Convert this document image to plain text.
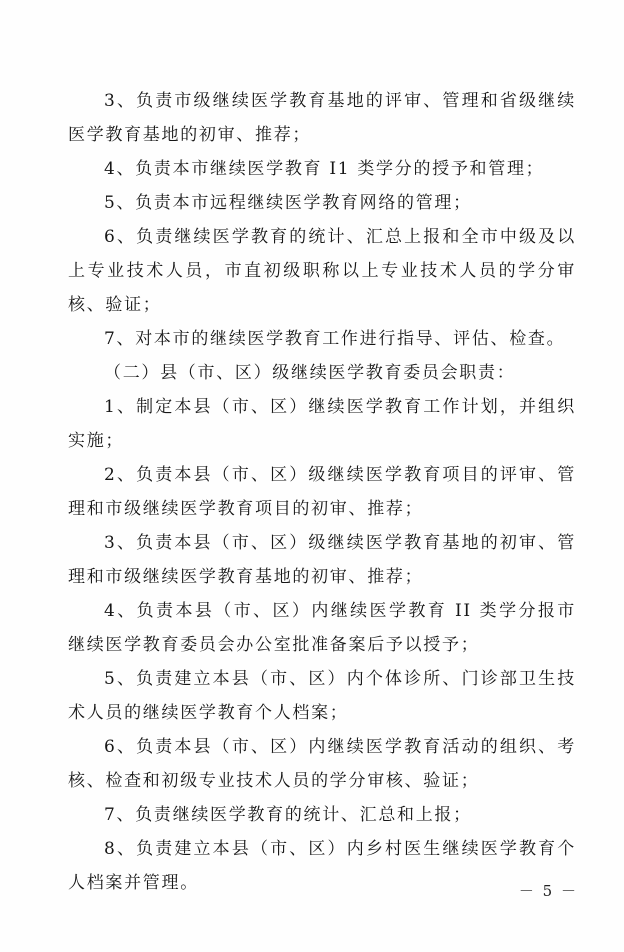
3、负责市级继续医学教育基地的评审、管理和省级继续医学教育基地的初审、推荐；

4、负责本市继续医学教育 I1 类学分的授予和管理；

5、负责本市远程继续医学教育网络的管理；

6、负责继续医学教育的统计、汇总上报和全市中级及以上专业技术人员，市直初级职称以上专业技术人员的学分审核、验证；

7、对本市的继续医学教育工作进行指导、评估、检查。

（二）县（市、区）级继续医学教育委员会职责：

1、制定本县（市、区）继续医学教育工作计划，并组织实施；

2、负责本县（市、区）级继续医学教育项目的评审、管理和市级继续医学教育项目的初审、推荐；

3、负责本县（市、区）级继续医学教育基地的初审、管理和市级继续医学教育基地的初审、推荐；

4、负责本县（市、区）内继续医学教育 II 类学分报市继续医学教育委员会办公室批准备案后予以授予；

5、负责建立本县（市、区）内个体诊所、门诊部卫生技术人员的继续医学教育个人档案；

6、负责本县（市、区）内继续医学教育活动的组织、考核、检查和初级专业技术人员的学分审核、验证；

7、负责继续医学教育的统计、汇总和上报；

8、负责建立本县（市、区）内乡村医生继续医学教育个人档案并管理。	－ 5 －
